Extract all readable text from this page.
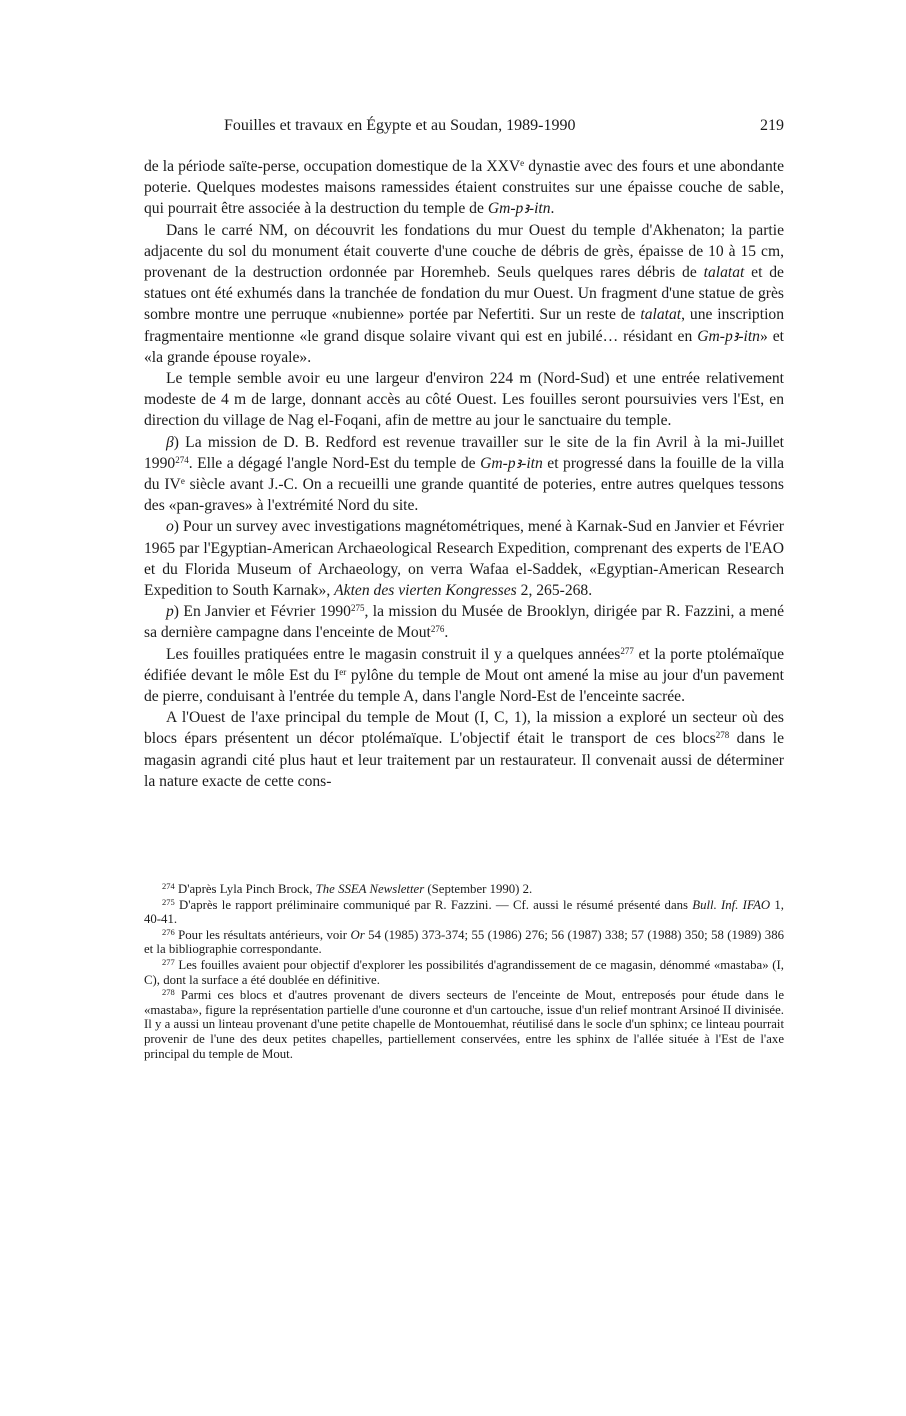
Fouilles et travaux en Égypte et au Soudan, 1989-1990	219

de la période saïte-perse, occupation domestique de la XXVe dynastie avec des fours et une abondante poterie. Quelques modestes maisons ramessides étaient construites sur une épaisse couche de sable, qui pourrait être associée à la destruction du temple de Gm-pꜣ-itn.

Dans le carré NM, on découvrit les fondations du mur Ouest du temple d'Akhenaton; la partie adjacente du sol du monument était couverte d'une couche de débris de grès, épaisse de 10 à 15 cm, provenant de la destruction ordonnée par Horemheb. Seuls quelques rares débris de talatat et de statues ont été exhumés dans la tranchée de fondation du mur Ouest. Un fragment d'une statue de grès sombre montre une perruque «nubienne» portée par Nefertiti. Sur un reste de talatat, une inscription fragmentaire mentionne «le grand disque solaire vivant qui est en jubilé… résidant en Gm-pꜣ-itn» et «la grande épouse royale».

Le temple semble avoir eu une largeur d'environ 224 m (Nord-Sud) et une entrée relativement modeste de 4 m de large, donnant accès au côté Ouest. Les fouilles seront poursuivies vers l'Est, en direction du village de Nag el-Foqani, afin de mettre au jour le sanctuaire du temple.

β) La mission de D. B. Redford est revenue travailler sur le site de la fin Avril à la mi-Juillet 1990$^{274}$. Elle a dégagé l'angle Nord-Est du temple de Gm-pꜣ-itn et progressé dans la fouille de la villa du IVe siècle avant J.-C. On a recueilli une grande quantité de poteries, entre autres quelques tessons des «pan-graves» à l'extrémité Nord du site.

o) Pour un survey avec investigations magnétométriques, mené à Karnak-Sud en Janvier et Février 1965 par l'Egyptian-American Archaeological Research Expedition, comprenant des experts de l'EAO et du Florida Museum of Archaeology, on verra Wafaa el-Saddek, «Egyptian-American Research Expedition to South Karnak», Akten des vierten Kongresses 2, 265-268.

p) En Janvier et Février 1990$^{275}$, la mission du Musée de Brooklyn, dirigée par R. Fazzini, a mené sa dernière campagne dans l'enceinte de Mout$^{276}$.

Les fouilles pratiquées entre le magasin construit il y a quelques années$^{277}$ et la porte ptolémaïque édifiée devant le môle Est du Ier pylône du temple de Mout ont amené la mise au jour d'un pavement de pierre, conduisant à l'entrée du temple A, dans l'angle Nord-Est de l'enceinte sacrée.

A l'Ouest de l'axe principal du temple de Mout (I, C, 1), la mission a exploré un secteur où des blocs épars présentent un décor ptolémaïque. L'objectif était le transport de ces blocs$^{278}$ dans le magasin agrandi cité plus haut et leur traitement par un restaurateur. Il convenait aussi de déterminer la nature exacte de cette cons-

$^{274}$ D'après Lyla Pinch Brock, The SSEA Newsletter (September 1990) 2.

$^{275}$ D'après le rapport préliminaire communiqué par R. Fazzini. — Cf. aussi le résumé présenté dans Bull. Inf. IFAO 1, 40-41.

$^{276}$ Pour les résultats antérieurs, voir Or 54 (1985) 373-374; 55 (1986) 276; 56 (1987) 338; 57 (1988) 350; 58 (1989) 386 et la bibliographie correspondante.

$^{277}$ Les fouilles avaient pour objectif d'explorer les possibilités d'agrandissement de ce magasin, dénommé «mastaba» (I, C), dont la surface a été doublée en définitive.

$^{278}$ Parmi ces blocs et d'autres provenant de divers secteurs de l'enceinte de Mout, entreposés pour étude dans le «mastaba», figure la représentation partielle d'une couronne et d'un cartouche, issue d'un relief montrant Arsinoé II divinisée. Il y a aussi un linteau provenant d'une petite chapelle de Montouemhat, réutilisé dans le socle d'un sphinx; ce linteau pourrait provenir de l'une des deux petites chapelles, partiellement conservées, entre les sphinx de l'allée située à l'Est de l'axe principal du temple de Mout.
